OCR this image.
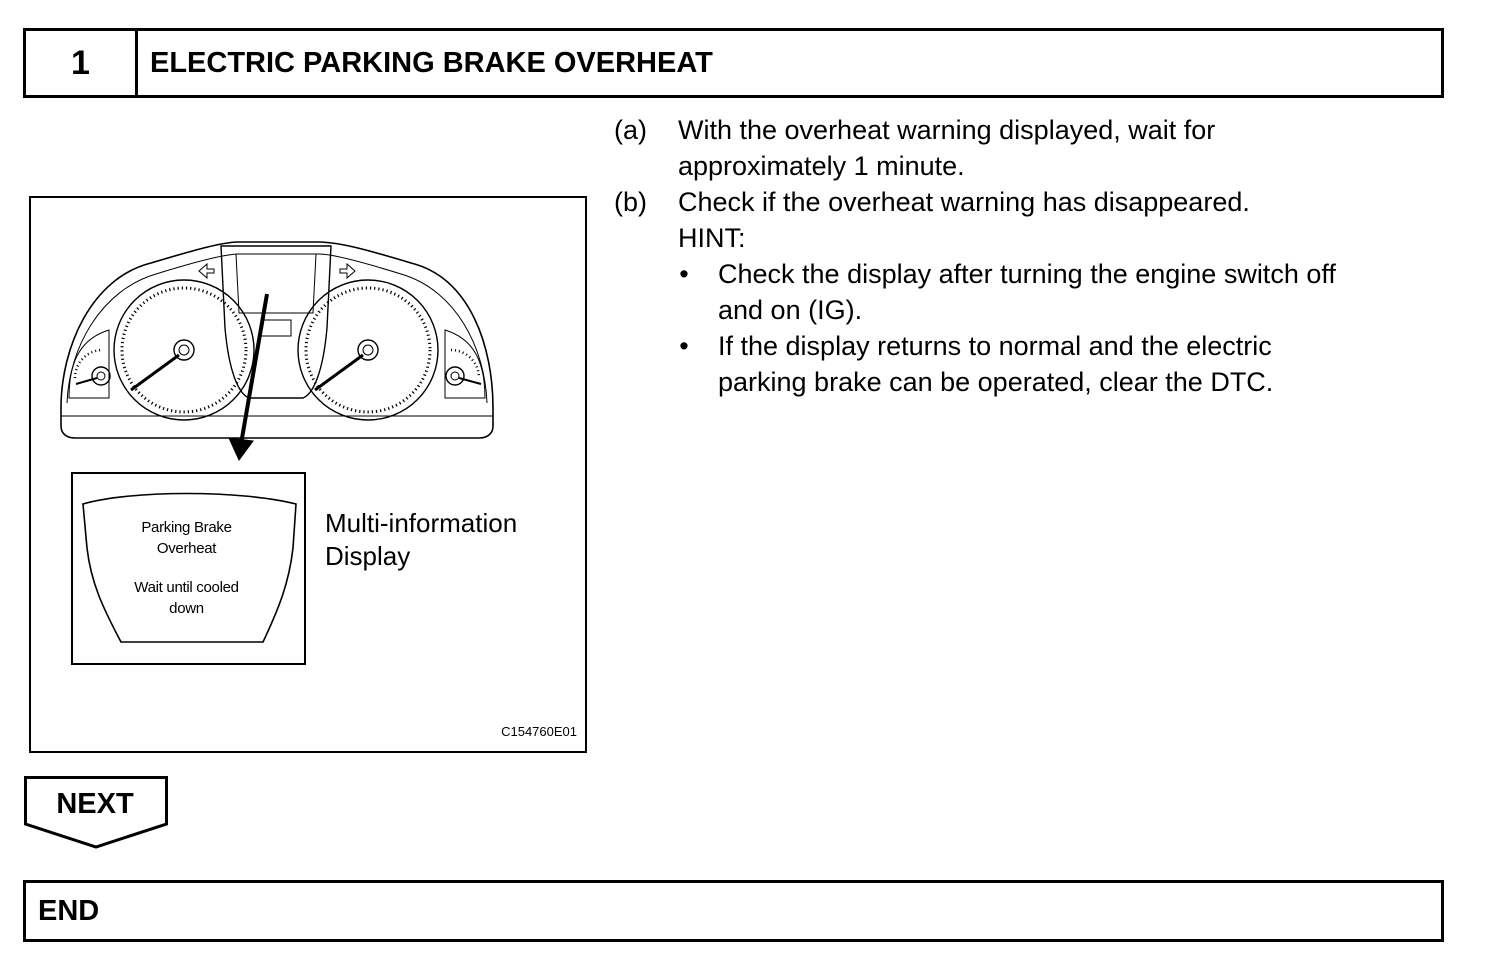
1	ELECTRIC PARKING BRAKE OVERHEAT
(a) With the overheat warning displayed, wait for
approximately 1 minute.
(b) Check if the overheat warning has disappeared.
HINT:
• Check the display after turning the engine switch off
and on (IG).
• If the display returns to normal and the electric
parking brake can be operated, clear the DTC.
Parking Brake
Overheat
Wait until cooled
down
Multi-information
Display
C154760E01
NEXT
END
